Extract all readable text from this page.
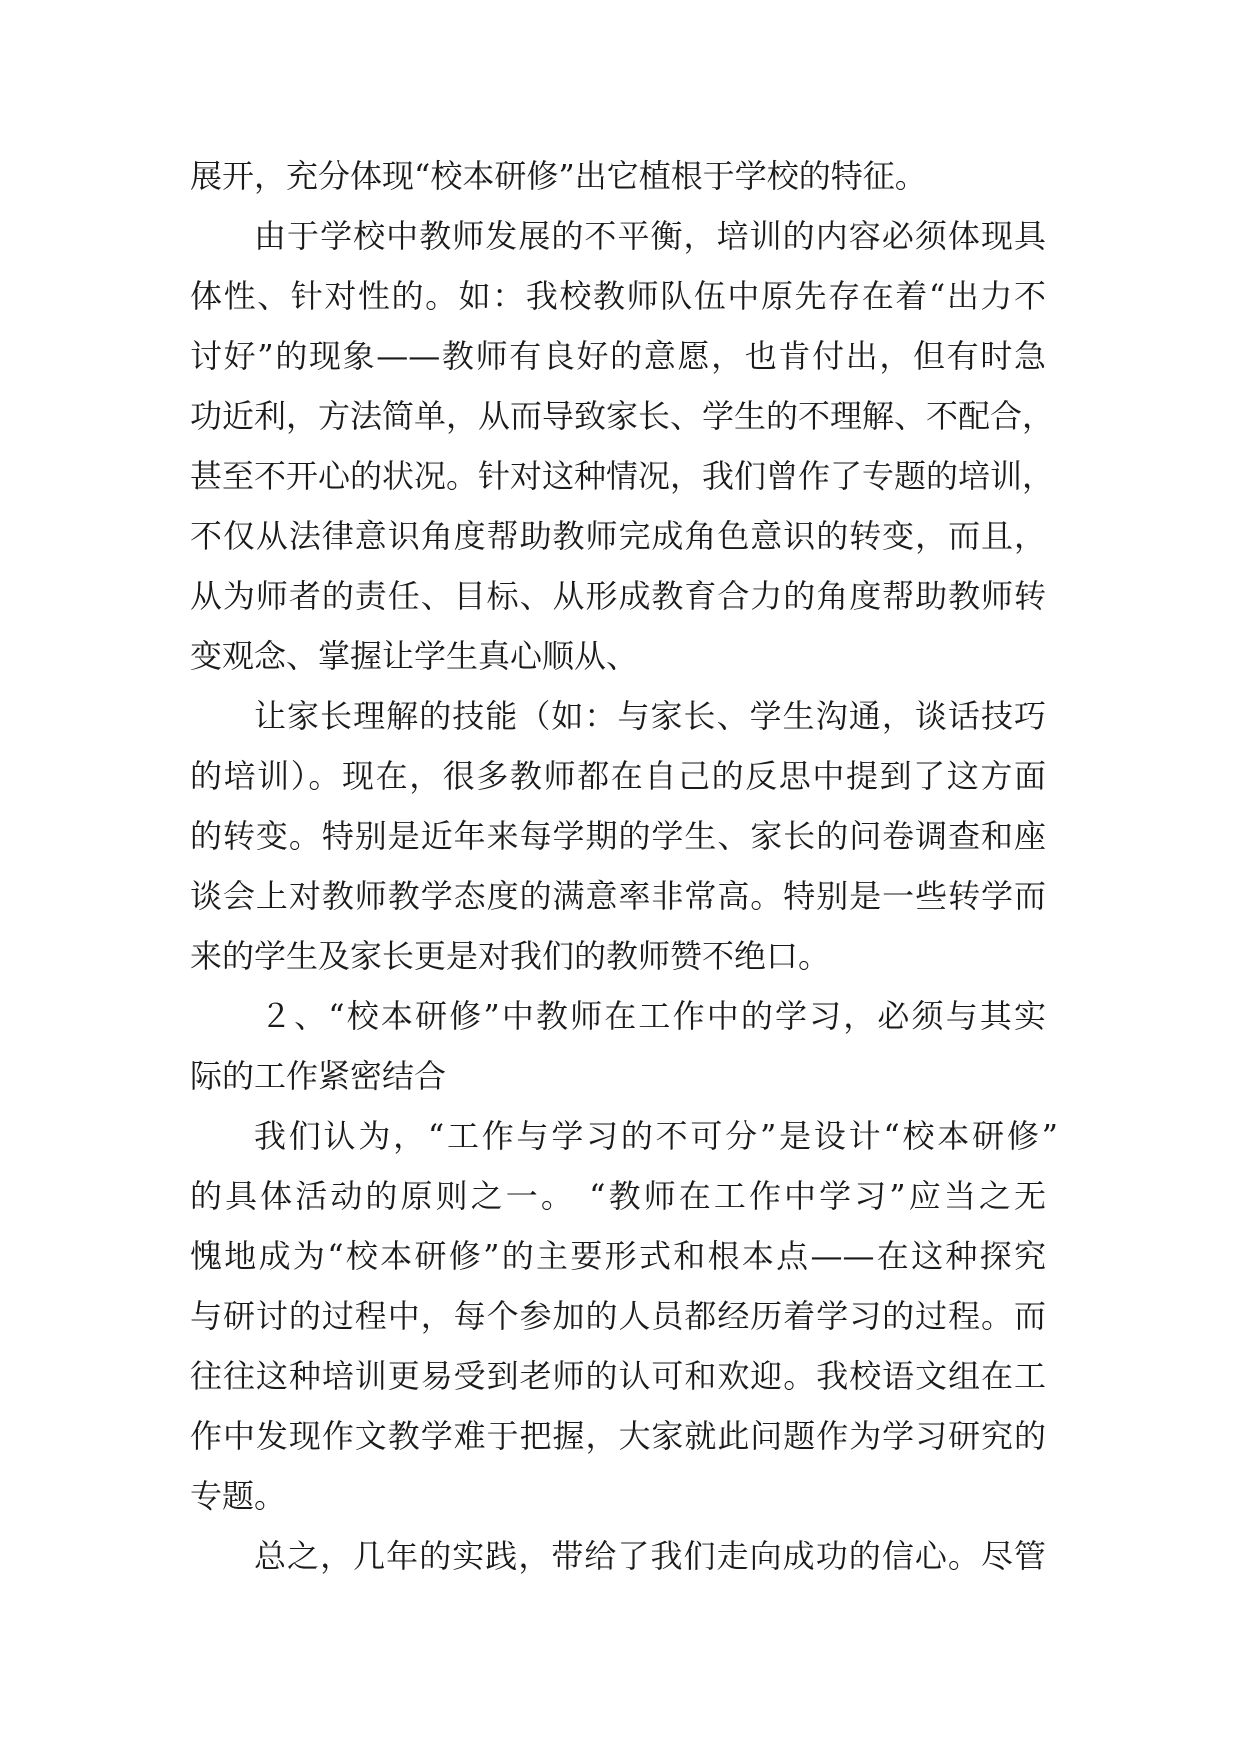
展开，充分体现“校本研修”出它植根于学校的特征。
由于学校中教师发展的不平衡，培训的内容必须体现具
体性、针对性的。如：我校教师队伍中原先存在着“出力不
讨好”的现象——教师有良好的意愿，也肯付出，但有时急
功近利，方法简单，从而导致家长、学生的不理解、不配合，
甚至不开心的状况。针对这种情况，我们曾作了专题的培训，
不仅从法律意识角度帮助教师完成角色意识的转变，而且，
从为师者的责任、目标、从形成教育合力的角度帮助教师转
变观念、掌握让学生真心顺从、
让家长理解的技能（如：与家长、学生沟通，谈话技巧
的培训）。现在，很多教师都在自己的反思中提到了这方面
的转变。特别是近年来每学期的学生、家长的问卷调查和座
谈会上对教师教学态度的满意率非常高。特别是一些转学而
来的学生及家长更是对我们的教师赞不绝口。
２、“校本研修”中教师在工作中的学习，必须与其实
际的工作紧密结合
我们认为，“工作与学习的不可分”是设计“校本研修”
的具体活动的原则之一。 “教师在工作中学习”应当之无
愧地成为“校本研修”的主要形式和根本点——在这种探究
与研讨的过程中，每个参加的人员都经历着学习的过程。而
往往这种培训更易受到老师的认可和欢迎。我校语文组在工
作中发现作文教学难于把握，大家就此问题作为学习研究的
专题。
总之，几年的实践，带给了我们走向成功的信心。尽管
